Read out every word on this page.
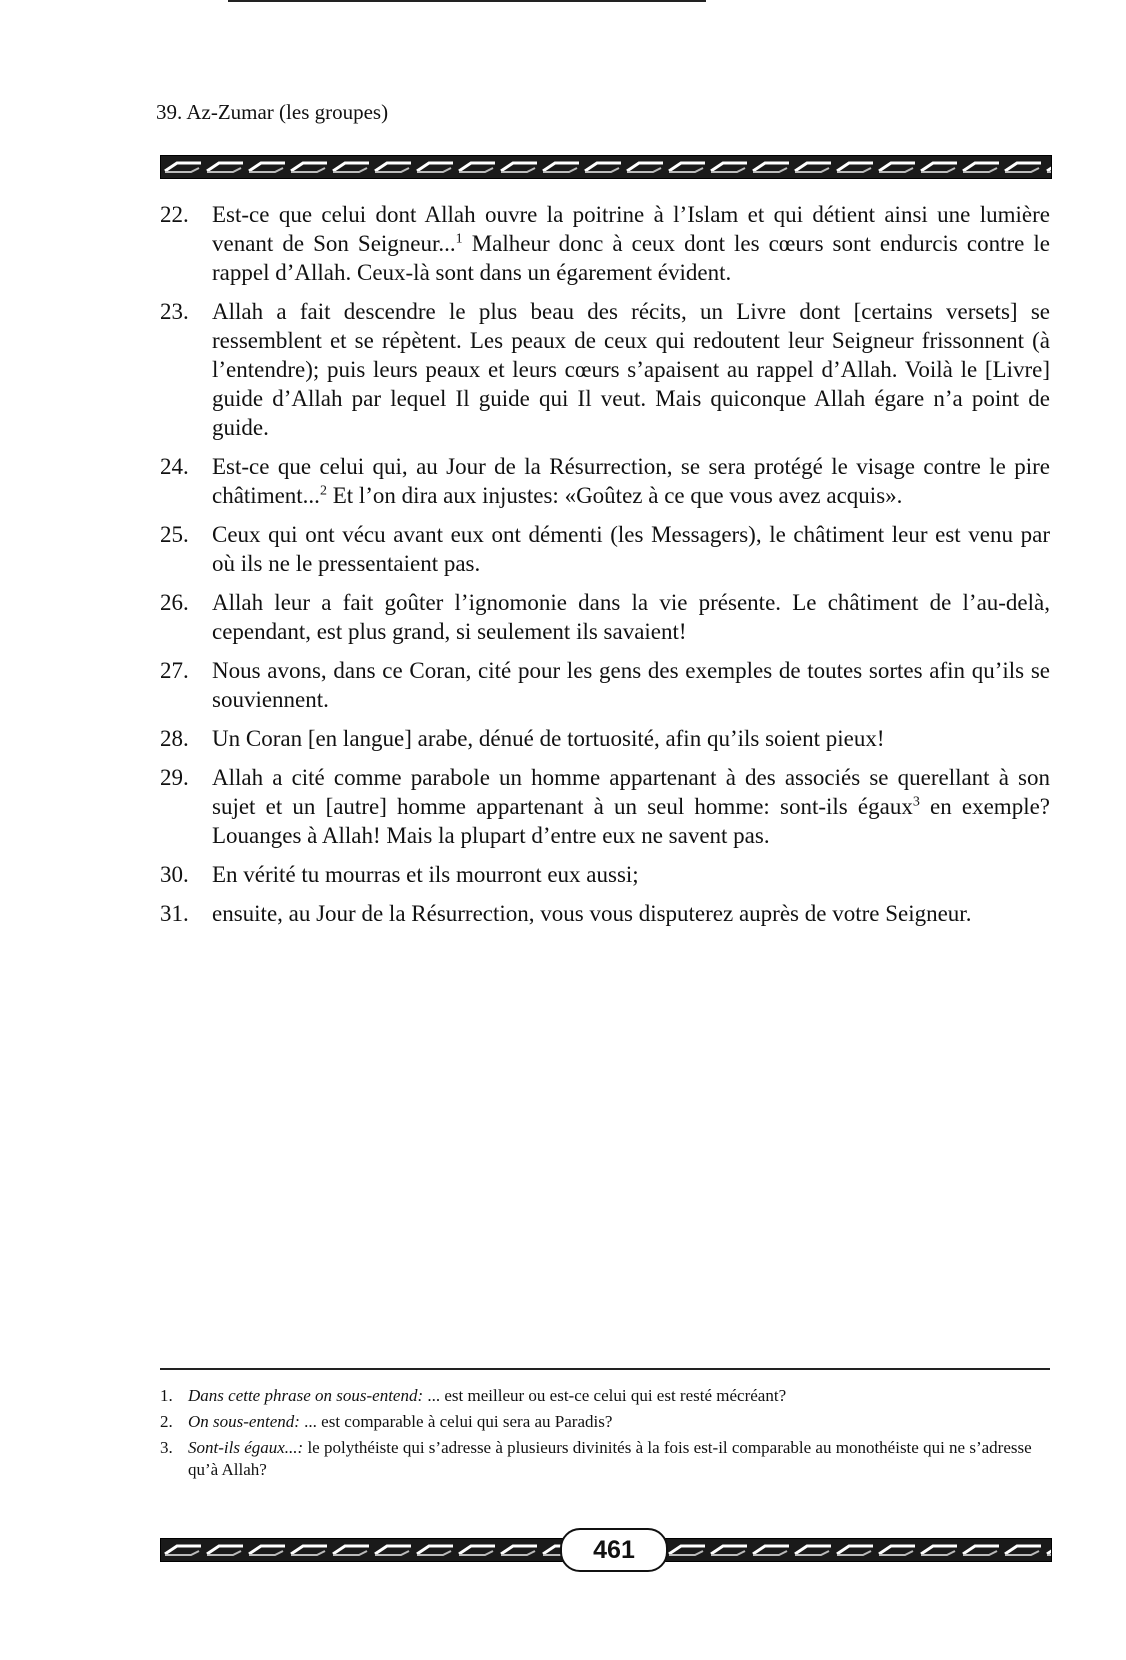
39. Az-Zumar (les groupes)
22. Est-ce que celui dont Allah ouvre la poitrine à l’Islam et qui détient ainsi une lumière venant de Son Seigneur...$^1$ Malheur donc à ceux dont les cœurs sont endurcis contre le rappel d’Allah. Ceux-là sont dans un égarement évident.
23. Allah a fait descendre le plus beau des récits, un Livre dont [certains versets] se ressemblent et se répètent. Les peaux de ceux qui redoutent leur Seigneur frissonnent (à l’entendre); puis leurs peaux et leurs cœurs s’apaisent au rappel d’Allah. Voilà le [Livre] guide d’Allah par lequel Il guide qui Il veut. Mais quiconque Allah égare n’a point de guide.
24. Est-ce que celui qui, au Jour de la Résurrection, se sera protégé le visage contre le pire châtiment...$^2$ Et l’on dira aux injustes: «Goûtez à ce que vous avez acquis».
25. Ceux qui ont vécu avant eux ont démenti (les Messagers), le châtiment leur est venu par où ils ne le pressentaient pas.
26. Allah leur a fait goûter l’ignomonie dans la vie présente. Le châtiment de l’au-delà, cependant, est plus grand, si seulement ils savaient!
27. Nous avons, dans ce Coran, cité pour les gens des exemples de toutes sortes afin qu’ils se souviennent.
28. Un Coran [en langue] arabe, dénué de tortuosité, afin qu’ils soient pieux!
29. Allah a cité comme parabole un homme appartenant à des associés se querellant à son sujet et un [autre] homme appartenant à un seul homme: sont-ils égaux$^3$ en exemple? Louanges à Allah! Mais la plupart d’entre eux ne savent pas.
30. En vérité tu mourras et ils mourront eux aussi;
31. ensuite, au Jour de la Résurrection, vous vous disputerez auprès de votre Seigneur.
1. Dans cette phrase on sous-entend: ... est meilleur ou est-ce celui qui est resté mécréant?
2. On sous-entend: ... est comparable à celui qui sera au Paradis?
3. Sont-ils égaux...: le polythéiste qui s’adresse à plusieurs divinités à la fois est-il comparable au monothéiste qui ne s’adresse qu’à Allah?
461
